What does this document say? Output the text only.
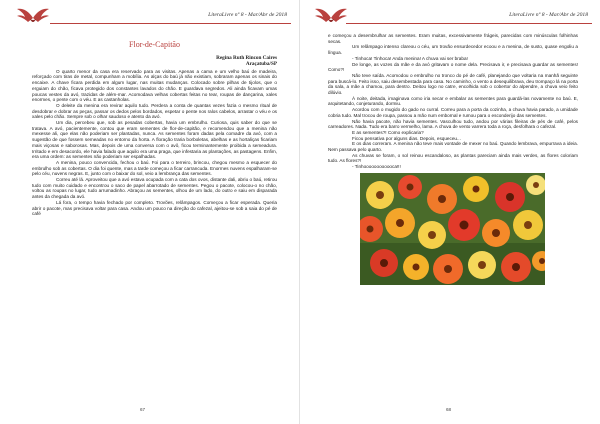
LiteraLivre nº 8 - Mar/Abr de 2018
Flor-de-Capitão
Regina Ruth Rincon Caires
Araçatuba/SP

O quarto menor da casa era reservado para as visitas. Apenas a cama e um velho baú de madeira, reforçado com tiras de metal, compunham a mobília. As alças do baú já não existiam, sobraram apenas os sinais do encaixe. A chave ficara perdida em algum lugar, nas muitas mudanças. Colocado sobre pilhas de tijolos, que o erguiam do chão, ficava protegido dos constantes lavados do chão. E guardava segredos. Ali ainda ficavam umas poucas vestes da avó, trazidas de além-mar. Acomodava velhas cobertas feitas no tear, roupas de dançarina, xales enormes, o pente com o véu. E as castanholas.

O deleite da menina era revirar aquilo tudo. Perdera a conta de quantas vezes fazia o mesmo ritual de desdobrar e dobrar as peças, passar os dedos pelos bordados, espetar o pente nos ralos cabelos, arrastar o véu e os xales pelo chão. Sempre sob o olhar saudoso e atento da avó.

Um dia, percebeu que, sob as pesadas cobertas, havia um embrulho. Curiosa, quis saber do que se tratava. A avó, pacientemente, contou que eram sementes de flor-de-capitão, e recomendou que a menina não mexesse ali, que elas não poderiam ser plantadas, nunca. As sementes foram dadas pela comadre da avó, com a sugestão de que fossem semeadas no entorno da horta. A floração traria borboletas, abelhas e as hortaliças ficariam mais viçosas e saborosas. Mas, depois de uma conversa com o avô, ficou terminantemente proibida a semeadura. Irritado e em desacordo, ele havia falado que aquilo era uma praga, que infestaria as plantações, as pastagens. Enfim, era uma ordem: as sementes não poderiam ser espalhadas.

A menina, pouco convencida, fechou o baú. Foi para o terreiro, brincou, chegou mesmo a esquecer do embrulho sob as cobertas. O dia foi quente, mas a tarde começou a ficar carrancuda. Enormes nuvens espalharam-se pelo céu, nuvens negras. E, junto com o baixar do sol, veio a lembrança das sementes.

Correu até lá. Aproveitou que a avó estava ocupada com a cata dos ovos, distante dali, abriu o baú, retirou tudo com muito cuidado e encontrou o saco de papel abarrotado de sementes. Pegou o pacote, colocou-o no chão, voltou as roupas no lugar, tudo arrumadinho. Abraçou as sementes, olhou de um lado, do outro e saiu em disparada antes da chegada da avó.

Lá fora, o tempo havia fechado por completo. Trovões, relâmpagos. Começou a ficar esperada. Queria abrir o pacote, mas precisava voltar para casa. Andou um pouco na direção do cafezal, ajeitou-se sob a saia do pé de café

67
LiteraLivre nº 8 - Mar/Abr de 2018

e começou a desembrulhar as sementes. Eram muitas, excessivamente frágeis, parecidas com minúsculas folhinhas secas.

Um relâmpago intenso clareou o céu, um trovão ensurdecedor ecoou e a menina, de susto, quase engoliu a língua.

- Tinhoca! Tinhoca! Anda menina! A chuva vai ser braba!

De longe, as vozes da mãe e da avó gritavam o nome dela. Precisava ir, e precisava guardar as sementes! Como?!

Não teve saída. Acomodou o embrulho no tronco do pé de café, planejando que voltaria na manhã seguinte para buscá-lo. Feito isso, saiu desembestada para casa. No caminho, o vento a desequilibrava, deu trompaço lá na porta da sala, a mãe a chamou, para dentro. Deitou logo no catre, encolhida sob o cobertor do alpendre, a chuva veio feito dilúvio.

À noite, deitada, imaginava como iria secar e embalar as sementes para guardá-las novamente no baú. E, arquitetando, conjeturando, dormiu.

Acordou com o mugido do gado no curral. Correu para a porta da cozinha, a chuva havia parado, a umidade cobria tudo. Mal trocou de roupa, passou a mão num embornal e rumou para o esconderijo das sementes.

Não havia pacote, não havia sementes. Vasculhou tudo, andou por várias fileiras de pés de café, pelos carreadores. Nada. Tudo era barro vermelho, lama. A chuva de vento varrera toda a roça, desfolhara o cafezal.

E as sementes?! Como explicaria?

Ficou pensativa por alguns dias. Depois, esqueceu...

E os dias correram. A menina não teve mais vontade de mexer no baú. Quando lembrava, empurrava a ideia. Nem passava pelo quarto.

As chuvas se foram, o sol reinou escandaloso, as plantas pareciam ainda mais verdes, as flores coloriam tudo. As flores?!

- Tinhoooooooooooca!!!

68
